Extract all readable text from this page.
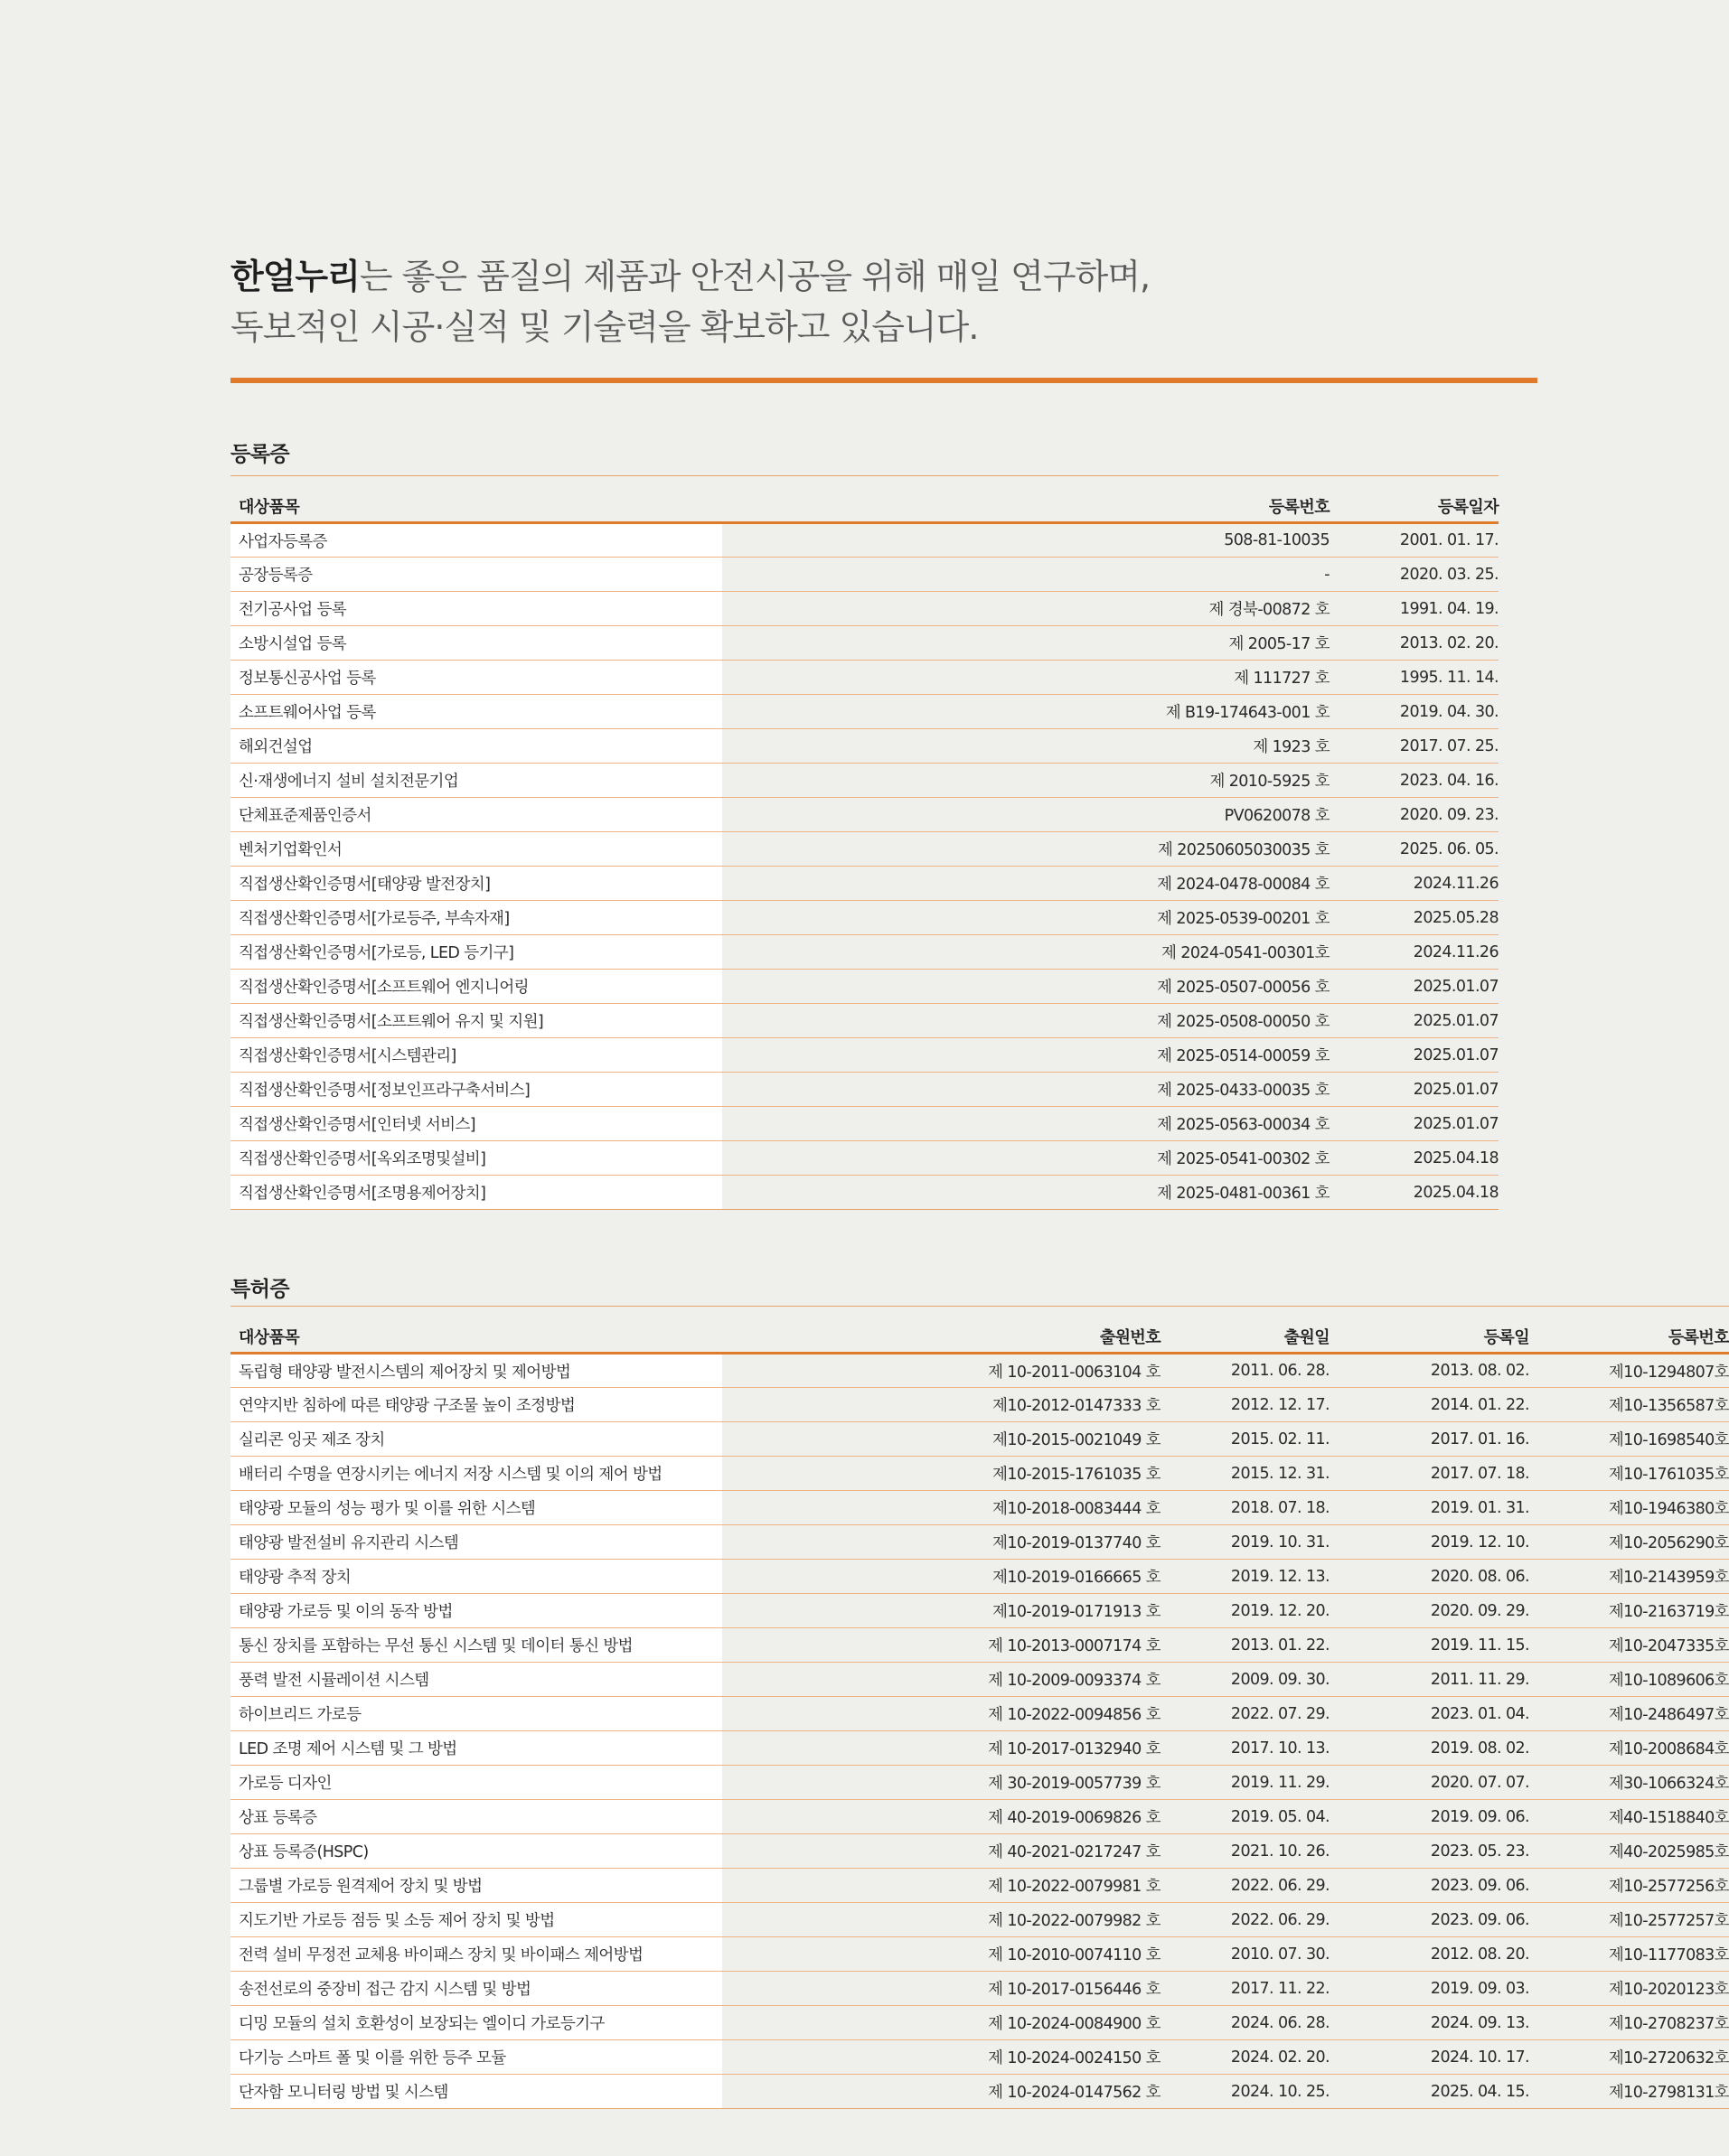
한얼누리는 좋은 품질의 제품과 안전시공을 위해 매일 연구하며,
독보적인 시공·실적 및 기술력을 확보하고 있습니다.
등록증
대상품목	등록번호	등록일자
사업자등록증	508-81-10035	2001. 01. 17.
공장등록증	-	2020. 03. 25.
전기공사업 등록	제 경북-00872 호	1991. 04. 19.
소방시설업 등록	제 2005-17 호	2013. 02. 20.
정보통신공사업 등록	제 111727 호	1995. 11. 14.
소프트웨어사업 등록	제 B19-174643-001 호	2019. 04. 30.
해외건설업	제 1923 호	2017. 07. 25.
신·재생에너지 설비 설치전문기업	제 2010-5925 호	2023. 04. 16.
단체표준제품인증서	PV0620078 호	2020. 09. 23.
벤처기업확인서	제 20250605030035 호	2025. 06. 05.
직접생산확인증명서[태양광 발전장치]	제 2024-0478-00084 호	2024.11.26
직접생산확인증명서[가로등주, 부속자재]	제 2025-0539-00201 호	2025.05.28
직접생산확인증명서[가로등, LED 등기구]	제 2024-0541-00301호	2024.11.26
직접생산확인증명서[소프트웨어 엔지니어링	제 2025-0507-00056 호	2025.01.07
직접생산확인증명서[소프트웨어 유지 및 지원]	제 2025-0508-00050 호	2025.01.07
직접생산확인증명서[시스템관리]	제 2025-0514-00059 호	2025.01.07
직접생산확인증명서[정보인프라구축서비스]	제 2025-0433-00035 호	2025.01.07
직접생산확인증명서[인터넷 서비스]	제 2025-0563-00034 호	2025.01.07
직접생산확인증명서[옥외조명및설비]	제 2025-0541-00302 호	2025.04.18
직접생산확인증명서[조명용제어장치]	제 2025-0481-00361 호	2025.04.18
특허증
대상품목	출원번호	출원일	등록일	등록번호
독립형 태양광 발전시스템의 제어장치 및 제어방법	제 10-2011-0063104 호	2011. 06. 28.	2013. 08. 02.	제10-1294807호
연약지반 침하에 따른 태양광 구조물 높이 조정방법	제10-2012-0147333 호	2012. 12. 17.	2014. 01. 22.	제10-1356587호
실리콘 잉곳 제조 장치	제10-2015-0021049 호	2015. 02. 11.	2017. 01. 16.	제10-1698540호
배터리 수명을 연장시키는 에너지 저장 시스템 및 이의 제어 방법	제10-2015-1761035 호	2015. 12. 31.	2017. 07. 18.	제10-1761035호
태양광 모듈의 성능 평가 및 이를 위한 시스템	제10-2018-0083444 호	2018. 07. 18.	2019. 01. 31.	제10-1946380호
태양광 발전설비 유지관리 시스템	제10-2019-0137740 호	2019. 10. 31.	2019. 12. 10.	제10-2056290호
태양광 추적 장치	제10-2019-0166665 호	2019. 12. 13.	2020. 08. 06.	제10-2143959호
태양광 가로등 및 이의 동작 방법	제10-2019-0171913 호	2019. 12. 20.	2020. 09. 29.	제10-2163719호
통신 장치를 포함하는 무선 통신 시스템 및 데이터 통신 방법	제 10-2013-0007174 호	2013. 01. 22.	2019. 11. 15.	제10-2047335호
풍력 발전 시뮬레이션 시스템	제 10-2009-0093374 호	2009. 09. 30.	2011. 11. 29.	제10-1089606호
하이브리드 가로등	제 10-2022-0094856 호	2022. 07. 29.	2023. 01. 04.	제10-2486497호
LED 조명 제어 시스템 및 그 방법	제 10-2017-0132940 호	2017. 10. 13.	2019. 08. 02.	제10-2008684호
가로등 디자인	제 30-2019-0057739 호	2019. 11. 29.	2020. 07. 07.	제30-1066324호
상표 등록증	제 40-2019-0069826 호	2019. 05. 04.	2019. 09. 06.	제40-1518840호
상표 등록증(HSPC)	제 40-2021-0217247 호	2021. 10. 26.	2023. 05. 23.	제40-2025985호
그룹별 가로등 원격제어 장치 및 방법	제 10-2022-0079981 호	2022. 06. 29.	2023. 09. 06.	제10-2577256호
지도기반 가로등 점등 및 소등 제어 장치 및 방법	제 10-2022-0079982 호	2022. 06. 29.	2023. 09. 06.	제10-2577257호
전력 설비 무정전 교체용 바이패스 장치 및 바이패스 제어방법	제 10-2010-0074110 호	2010. 07. 30.	2012. 08. 20.	제10-1177083호
송전선로의 중장비 접근 감지 시스템 및 방법	제 10-2017-0156446 호	2017. 11. 22.	2019. 09. 03.	제10-2020123호
디밍 모듈의 설치 호환성이 보장되는 엘이디 가로등기구	제 10-2024-0084900 호	2024. 06. 28.	2024. 09. 13.	제10-2708237호
다기능 스마트 폴 및 이를 위한 등주 모듈	제 10-2024-0024150 호	2024. 02. 20.	2024. 10. 17.	제10-2720632호
단자함 모니터링 방법 및 시스템	제 10-2024-0147562 호	2024. 10. 25.	2025. 04. 15.	제10-2798131호
